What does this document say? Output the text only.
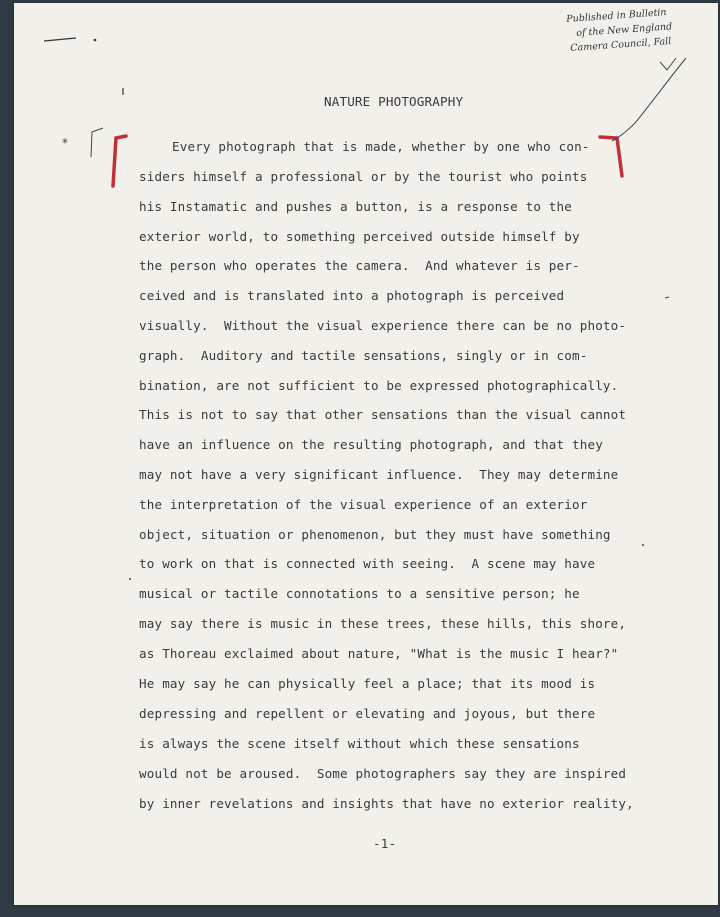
NATURE PHOTOGRAPHY
Every photograph that is made, whether by one who con-
siders himself a professional or by the tourist who points
his Instamatic and pushes a button, is a response to the
exterior world, to something perceived outside himself by
the person who operates the camera.  And whatever is per-
ceived and is translated into a photograph is perceived
visually.  Without the visual experience there can be no photo-
graph.  Auditory and tactile sensations, singly or in com-
bination, are not sufficient to be expressed photographically.
This is not to say that other sensations than the visual cannot
have an influence on the resulting photograph, and that they
may not have a very significant influence.  They may determine
the interpretation of the visual experience of an exterior
object, situation or phenomenon, but they must have something
to work on that is connected with seeing.  A scene may have
musical or tactile connotations to a sensitive person; he
may say there is music in these trees, these hills, this shore,
as Thoreau exclaimed about nature, "What is the music I hear?"
He may say he can physically feel a place; that its mood is
depressing and repellent or elevating and joyous, but there
is always the scene itself without which these sensations
would not be aroused.  Some photographers say they are inspired
by inner revelations and insights that have no exterior reality,
-1-
Published in Bulletin
of the New England
Camera Council, Fall
*
